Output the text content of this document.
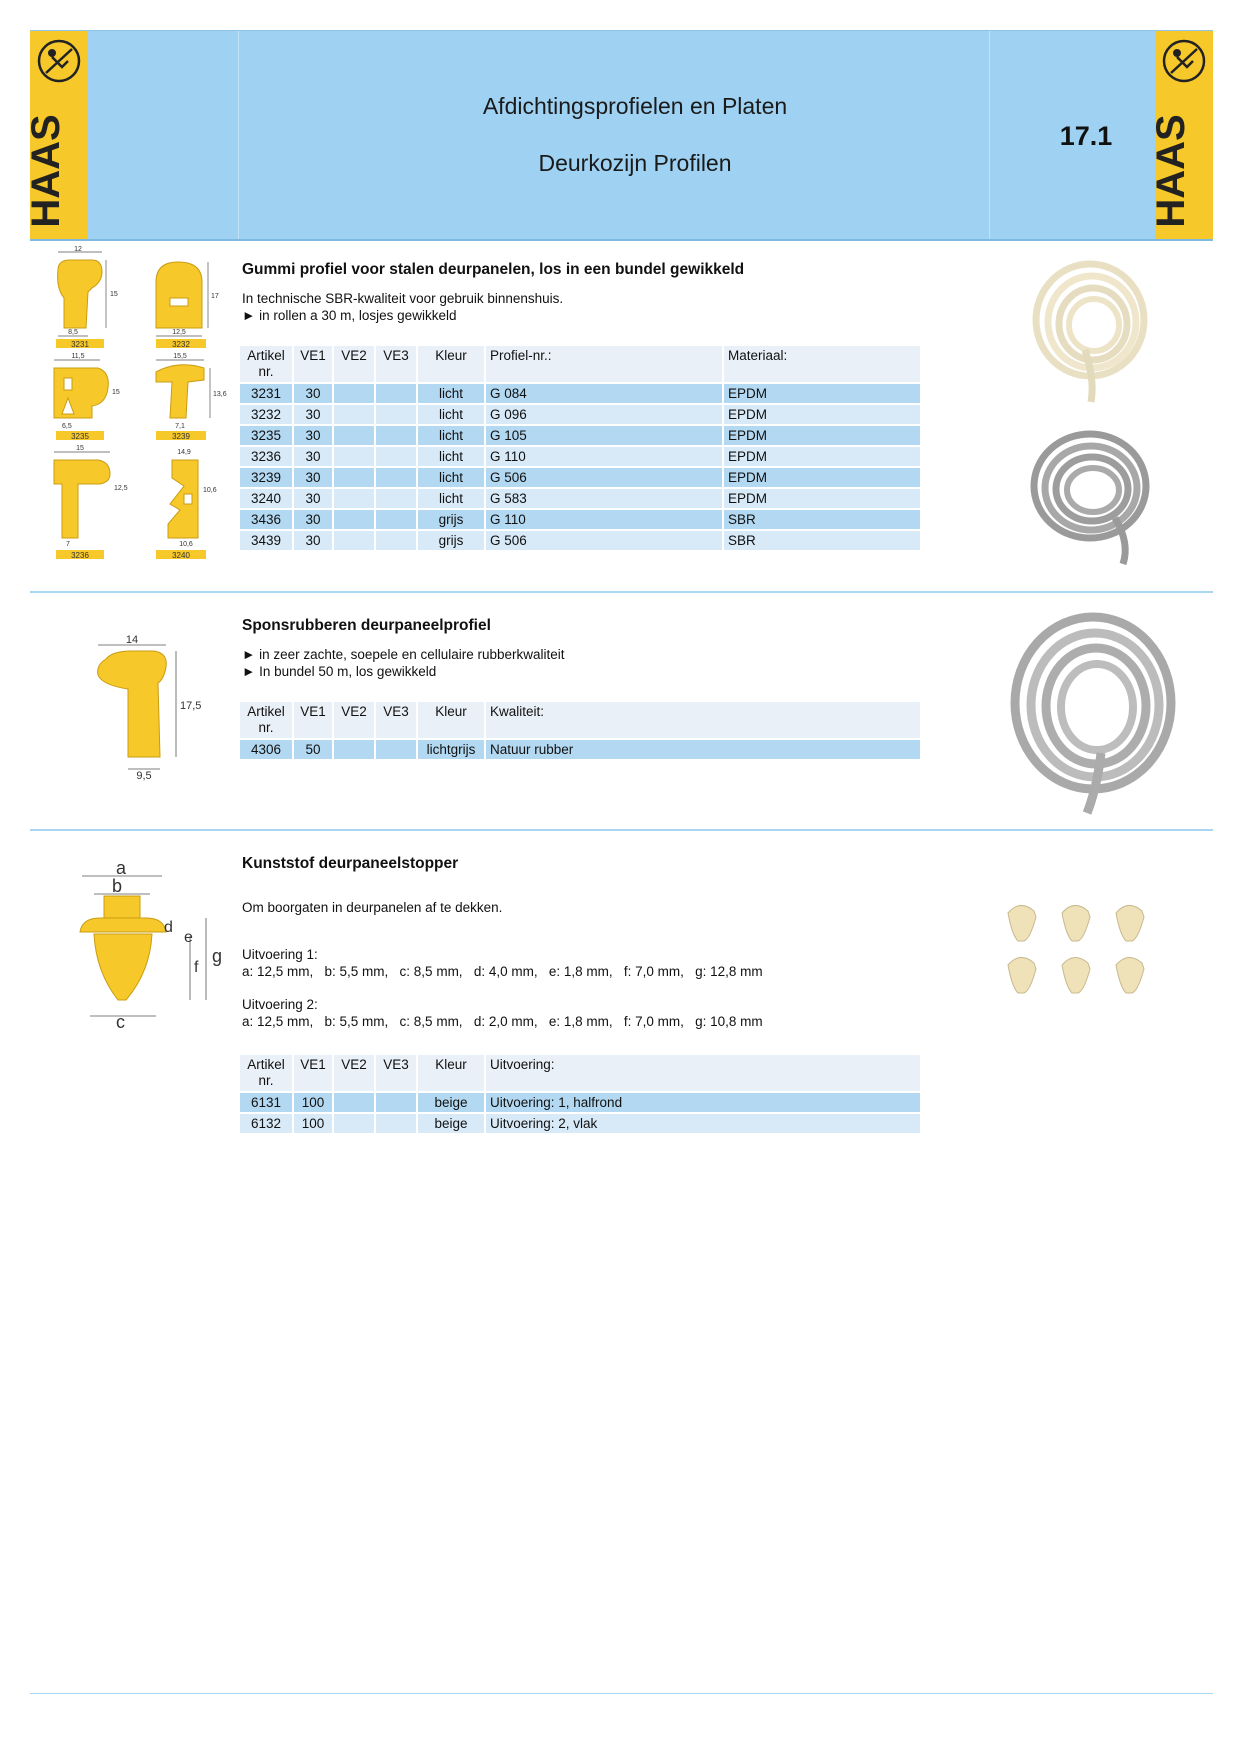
HAAS
Afdichtingsprofielen en Platen
Deurkozijn Profilen
17.1 HAAS
12
15
8,5
3231
17
12,5
3232
11,5
15
6,5
3235
15,5
13,6
7,1
3239
15
12,5
7
3236
14,9
10,6
10,6
3240
Gummi profiel voor stalen deurpanelen, los in een bundel gewikkeld
In technische SBR-kwaliteit voor gebruik binnenshuis.
► in rollen a 30 m, losjes gewikkeld
Artikel nr.	VE1	VE2	VE3	Kleur	Profiel-nr.:	Materiaal:
3231	30			licht	G 084	EPDM
3232	30			licht	G 096	EPDM
3235	30			licht	G 105	EPDM
3236	30			licht	G 110	EPDM
3239	30			licht	G 506	EPDM
3240	30			licht	G 583	EPDM
3436	30			grijs	G 110	SBR
3439	30			grijs	G 506	SBR
14
17,5
9,5
Sponsrubberen deurpaneelprofiel
► in zeer zachte, soepele en cellulaire rubberkwaliteit
► In bundel 50 m, los gewikkeld
Artikel nr.	VE1	VE2	VE3	Kleur	Kwaliteit:
4306	50			lichtgrijs	Natuur rubber
a
b
c
d
e
f
g
Kunststof deurpaneelstopper
Om boorgaten in deurpanelen af te dekken.
Uitvoering 1:
a: 12,5 mm,   b: 5,5 mm,   c: 8,5 mm,   d: 4,0 mm,   e: 1,8 mm,   f: 7,0 mm,   g: 12,8 mm
Uitvoering 2:
a: 12,5 mm,   b: 5,5 mm,   c: 8,5 mm,   d: 2,0 mm,   e: 1,8 mm,   f: 7,0 mm,   g: 10,8 mm
Artikel nr.	VE1	VE2	VE3	Kleur	Uitvoering:
6131	100			beige	Uitvoering: 1, halfrond
6132	100			beige	Uitvoering: 2, vlak
